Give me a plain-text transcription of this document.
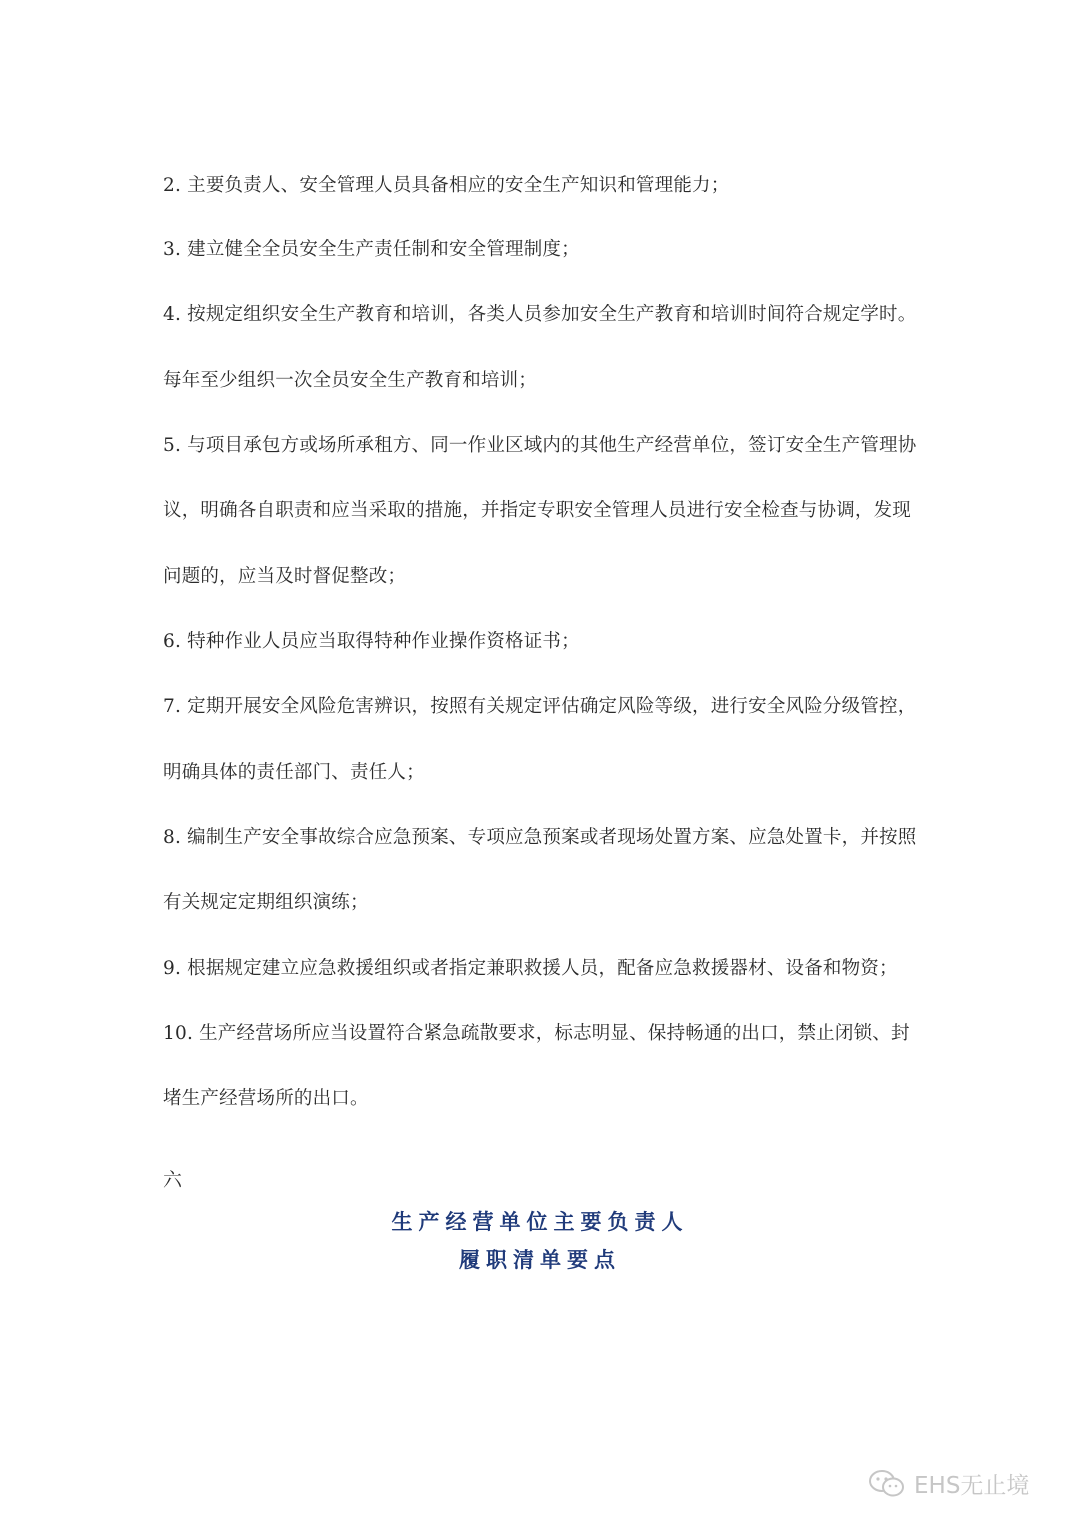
2. 主要负责人、安全管理人员具备相应的安全生产知识和管理能力；
3. 建立健全全员安全生产责任制和安全管理制度；
4. 按规定组织安全生产教育和培训，各类人员参加安全生产教育和培训时间符合规定学时。
每年至少组织一次全员安全生产教育和培训；
5. 与项目承包方或场所承租方、同一作业区域内的其他生产经营单位，签订安全生产管理协
议，明确各自职责和应当采取的措施，并指定专职安全管理人员进行安全检查与协调，发现
问题的，应当及时督促整改；
6. 特种作业人员应当取得特种作业操作资格证书；
7. 定期开展安全风险危害辨识，按照有关规定评估确定风险等级，进行安全风险分级管控，
明确具体的责任部门、责任人；
8. 编制生产安全事故综合应急预案、专项应急预案或者现场处置方案、应急处置卡，并按照
有关规定定期组织演练；
9. 根据规定建立应急救援组织或者指定兼职救援人员，配备应急救援器材、设备和物资；
10. 生产经营场所应当设置符合紧急疏散要求，标志明显、保持畅通的出口，禁止闭锁、封
堵生产经营场所的出口。
六
生产经营单位主要负责人
履职清单要点
EHS无止境
